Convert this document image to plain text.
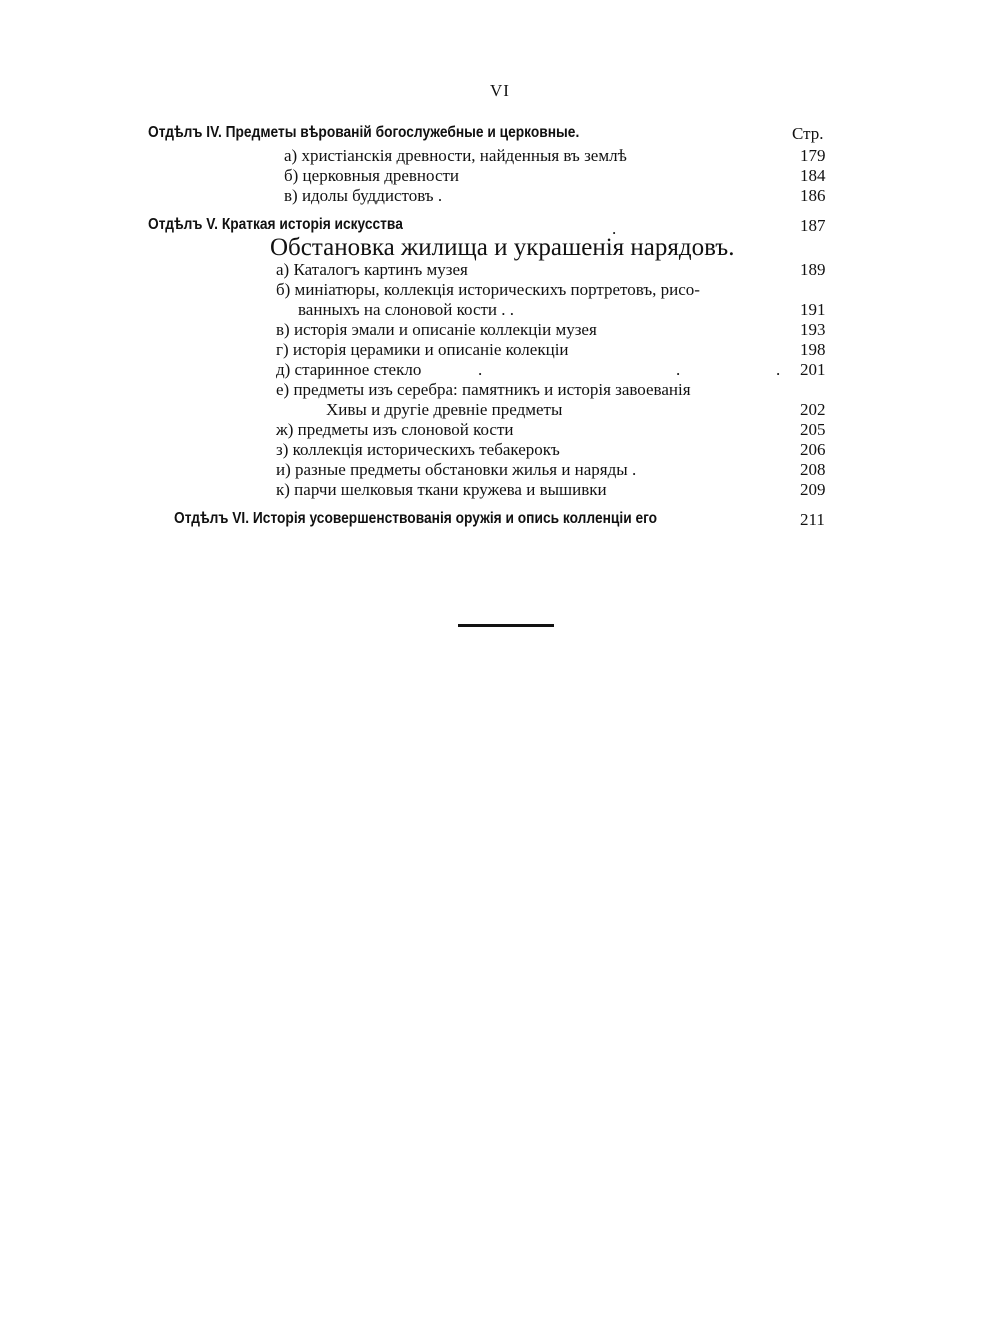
VI
Отдѣлъ IV. Предметы вѣрованій богослужебные и церковные.	Стр.
а) христіанскія древности, найденныя въ землѣ	179
б) церковныя древности	184
в) идолы буддистовъ .	186
Отдѣлъ V. Краткая исторія искусства	.	187
Обстановка жилища и украшенія нарядовъ.
а) Каталогъ картинъ музея	189
б) миніатюры, коллекція историческихъ портретовъ, рисо-
ванныхъ на слоновой кости . .	191
в) исторія эмали и описаніе коллекціи музея	193
г) исторія церамики и описаніе колекціи	198
д) старинное стекло	.	.	. 201
е) предметы изъ серебра: памятникъ и исторія завоеванія
Хивы и другіе древніе предметы	202
ж) предметы изъ слоновой кости	205
з) коллекція историческихъ тебакерокъ	206
и) разные предметы обстановки жилья и наряды .	208
к) парчи шелковыя ткани кружева и вышивки	209
Отдѣлъ VI. Исторія усовершенствованія оружія и опись колленціи его	211
